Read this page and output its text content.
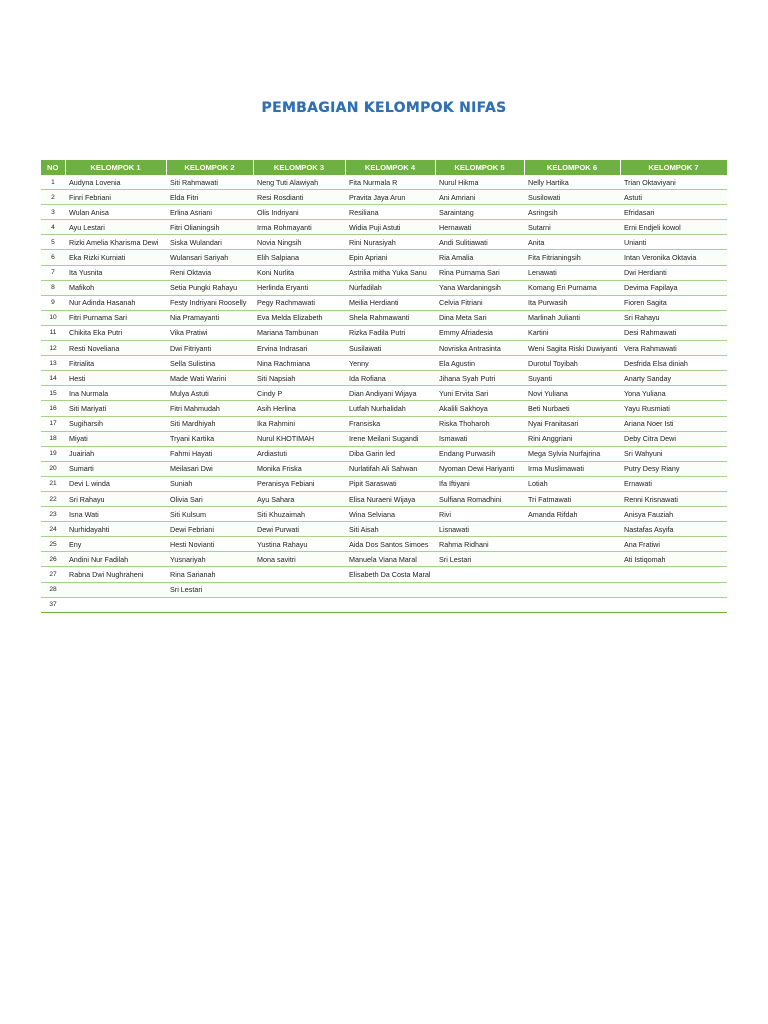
PEMBAGIAN KELOMPOK NIFAS
NO	KELOMPOK 1	KELOMPOK 2	KELOMPOK 3	KELOMPOK 4	KELOMPOK 5	KELOMPOK 6	KELOMPOK 7
1	Audyna Lovenia	Siti Rahmawati	Neng Tuti Alawiyah	Fita Nurmala R	Nurul Hikma	Nelly Hartika	Trian Oktaviyani
2	Finri Febriani	Elda Fitri	Resi Rosdianti	Pravita Jaya Arun	Ani Amriani	Susilowati	Astuti
3	Wulan Anisa	Erlina Asriani	Olis Indriyani	Resiliana	Saraintang	Asringsih	Efridasari
4	Ayu Lestari	Fitri Olianingsih	Irma Rohmayanti	Widia Puji Astuti	Hernawati	Sutarni	Erni Endjeli kowol
5	Rizki Amelia Kharisma Dewi	Siska Wulandari	Novia Ningsih	Rini Nurasiyah	Andi Sulitiawati	Anita	Unianti
6	Eka Rizki Kurniati	Wulansari Sariyah	Elih Salpiana	Epin Apriani	Ria Amalia	Fita Fitrianingsih	Intan Veronika Oktavia
7	Ita Yusnita	Reni Oktavia	Koni Nurlita	Astrilia mitha Yuka Sanu	Rina Purnama Sari	Lenawati	Dwi Herdianti
8	Mafikoh	Setia Pungki Rahayu	Herlinda Eryanti	Nurfadilah	Yana Wardaningsih	Komang Eri Purnama	Devima Fapilaya
9	Nur Adinda Hasanah	Festy Indriyani Rooselly	Pegy Rachmawati	Meilia Herdianti	Celvia Fitriani	Ita Purwasih	Fioren Sagita
10	Fitri Purnama Sari	Nia Pramayanti	Eva Melda Elizabeth	Shela Rahmawanti	Dina Meta Sari	Marlinah Julianti	Sri Rahayu
11	Chikita Eka Putri	Vika Pratiwi	Mariana Tambunan	Rizka Fadila Putri	Emmy Afriadesia	Kartini	Desi Rahmawati
12	Resti Noveliana	Dwi Fitriyanti	Ervina Indrasari	Susilawati	Novriska Antrasinta	Weni Sagita Riski Duwiyanti	Vera Rahmawati
13	Fitrialita	Sella Sulistina	Nina Rachmiana	Yenny	Ela Agustin	Durotul Toyibah	Desfrida Elsa diniah
14	Hesti	Made Wati Warini	Siti Napsiah	Ida Rofiana	Jihana Syah Putri	Suyanti	Anarty Sanday
15	Ina Nurmala	Mulya Astuti	Cindy P	Dian Andiyani Wijaya	Yuni Ervita Sari	Novi Yuliana	Yona Yuliana
16	Siti Mariyati	Fitri Mahmudah	Asih Herlina	Lutfah Nurhalidah	Akalili Sakhoya	Beti Nurbaeti	Yayu Rusmiati
17	Sugiharsih	Siti Mardhiyah	Ika Rahmini	Fransiska	Riska Thoharoh	Nyai Franitasari	Ariana Noer Isti
18	Miyati	Tryani Kartika	Nurul KHOTIMAH	Irene Meilani Sugandi	Ismawati	Rini Anggriani	Deby Citra Dewi
19	Juairiah	Fahmi Hayati	Ardiastuti	Diba Garin led	Endang Purwasih	Mega Sylvia Nurfajrina	Sri Wahyuni
20	Sumarti	Meilasari Dwi	Monika Friska	Nurlatifah Ali Sahwan	Nyoman Dewi Hariyanti	Irma Muslimawati	Putry Desy Riany
21	Devi L winda	Suniah	Peranisya Febiani	Pipit Saraswati	Ifa Iftiyani	Lotiah	Ernawati
22	Sri Rahayu	Olivia Sari	Ayu Sahara	Elisa Nuraeni Wijaya	Sulfiana Romadhini	Tri Fatmawati	Renni Krisnawati
23	Isna Wati	Siti Kulsum	Siti Khuzaimah	Wina Selviana	Rivi	Amanda Rifdah	Anisya Fauziah
24	Nurhidayahti	Dewi Febriani	Dewi Purwati	Siti Aisah	Lisnawati		Nastafas Asyifa
25	Eny	Hesti Novianti	Yustina Rahayu	Aida Dos Santos Simoes	Rahma Ridhani		Ana Fratiwi
26	Andini Nur Fadilah	Yusnariyah	Mona savitri	Manuela Viana Maral	Sri Lestari		Ati Istiqomah
27	Rabna Dwi Nughraheni	Rina Sarianah		Elisabeth Da Costa Maral			
28		Sri Lestari					
37							
